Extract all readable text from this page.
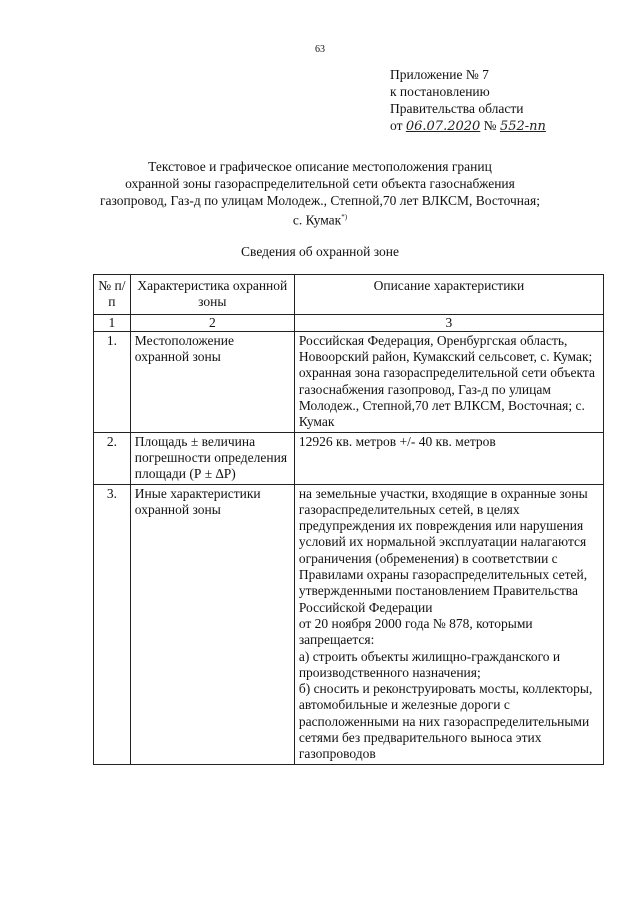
63
Приложение № 7
к постановлению
Правительства области
от 06.07.2020 № 552-пп
Текстовое и графическое описание местоположения границ
охранной зоны газораспределительной сети объекта газоснабжения
газопровод, Газ-д по улицам Молодеж., Степной,70 лет ВЛКСМ, Восточная;
с. Кумак*)
Сведения об охранной зоне
№ п/п	Характеристика охранной зоны	Описание характеристики
1	2	3
1.	Местоположение охранной зоны	Российская Федерация, Оренбургская область, Новоорский район, Кумакский сельсовет, с. Кумак; охранная зона газораспределительной сети объекта газоснабжения газопровод, Газ-д по улицам Молодеж., Степной,70 лет ВЛКСМ, Восточная; с. Кумак
2.	Площадь ± величина погрешности определения площади (Р ± ∆Р)	12926 кв. метров +/- 40 кв. метров
3.	Иные характеристики охранной зоны	на земельные участки, входящие в охранные зоны газораспределительных сетей, в целях предупреждения их повреждения или нарушения условий их нормальной эксплуатации налагаются ограничения (обременения) в соответствии с Правилами охраны газораспределительных сетей, утвержденными постановлением Правительства Российской Федерации
от 20 ноября 2000 года № 878, которыми запрещается:
а) строить объекты жилищно-гражданского и производственного назначения;
б) сносить и реконструировать мосты, коллекторы, автомобильные и железные дороги с расположенными на них газораспределительными сетями без предварительного выноса этих газопроводов
